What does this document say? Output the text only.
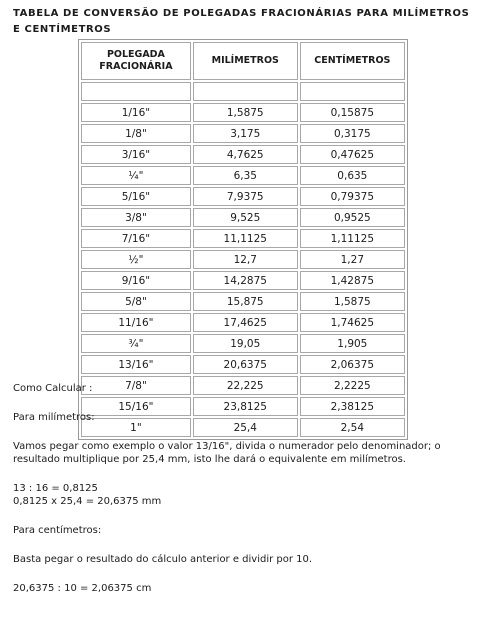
TABELA DE CONVERSÃO DE POLEGADAS FRACIONÁRIAS PARA MILÍMETROS E CENTÍMETROS
POLEGADA
FRACIONÁRIA	MILÍMETROS	CENTÍMETROS

1/16"	1,5875	0,15875
1/8"	3,175	0,3175
3/16"	4,7625	0,47625
¼"	6,35	0,635
5/16"	7,9375	0,79375
3/8"	9,525	0,9525
7/16"	11,1125	1,11125
½"	12,7	1,27
9/16"	14,2875	1,42875
5/8"	15,875	1,5875
11/16"	17,4625	1,74625
¾"	19,05	1,905
13/16"	20,6375	2,06375
7/8"	22,225	2,2225
15/16"	23,8125	2,38125
1"	25,4	2,54

Como Calcular :

Para milímetros:

Vamos pegar como exemplo o valor 13/16", divida o numerador pelo denominador; o resultado multiplique por 25,4 mm, isto lhe dará o equivalente em milímetros.

13 : 16 = 0,8125

0,8125 x 25,4 = 20,6375 mm

Para centímetros:

Basta pegar o resultado do cálculo anterior e dividir por 10.

20,6375 : 10 = 2,06375 cm
